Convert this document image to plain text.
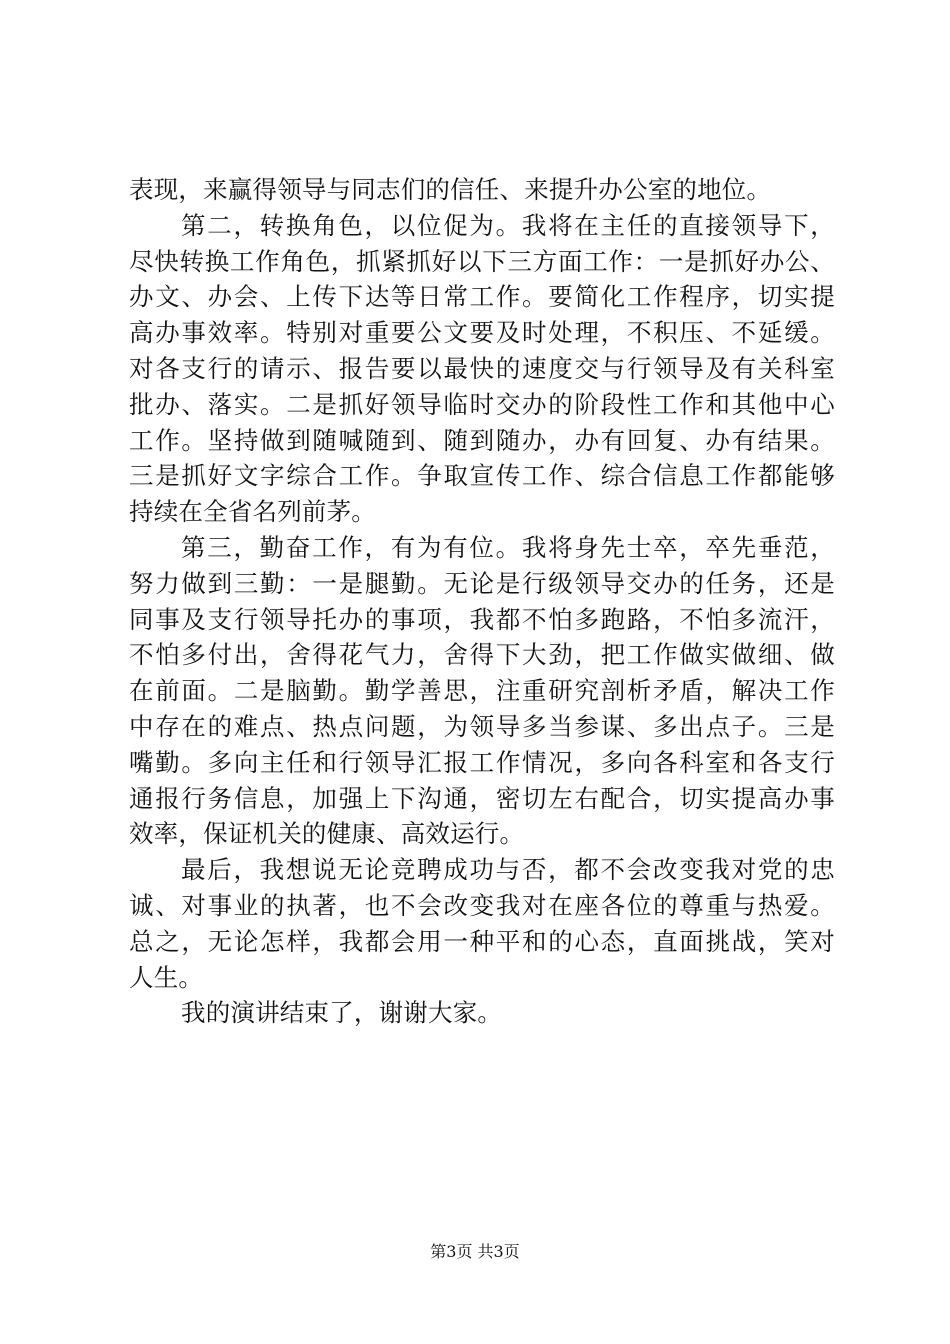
表现，来赢得领导与同志们的信任、来提升办公室的地位。
第二，转换角色，以位促为。我将在主任的直接领导下，
尽快转换工作角色，抓紧抓好以下三方面工作：一是抓好办公、
办文、办会、上传下达等日常工作。要简化工作程序，切实提
高办事效率。特别对重要公文要及时处理，不积压、不延缓。
对各支行的请示、报告要以最快的速度交与行领导及有关科室
批办、落实。二是抓好领导临时交办的阶段性工作和其他中心
工作。坚持做到随喊随到、随到随办，办有回复、办有结果。
三是抓好文字综合工作。争取宣传工作、综合信息工作都能够
持续在全省名列前茅。
第三，勤奋工作，有为有位。我将身先士卒，卒先垂范，
努力做到三勤：一是腿勤。无论是行级领导交办的任务，还是
同事及支行领导托办的事项，我都不怕多跑路，不怕多流汗，
不怕多付出，舍得花气力，舍得下大劲，把工作做实做细、做
在前面。二是脑勤。勤学善思，注重研究剖析矛盾，解决工作
中存在的难点、热点问题，为领导多当参谋、多出点子。三是
嘴勤。多向主任和行领导汇报工作情况，多向各科室和各支行
通报行务信息，加强上下沟通，密切左右配合，切实提高办事
效率，保证机关的健康、高效运行。
最后，我想说无论竞聘成功与否，都不会改变我对党的忠
诚、对事业的执著，也不会改变我对在座各位的尊重与热爱。
总之，无论怎样，我都会用一种平和的心态，直面挑战，笑对
人生。
我的演讲结束了，谢谢大家。
第3页 共3页
